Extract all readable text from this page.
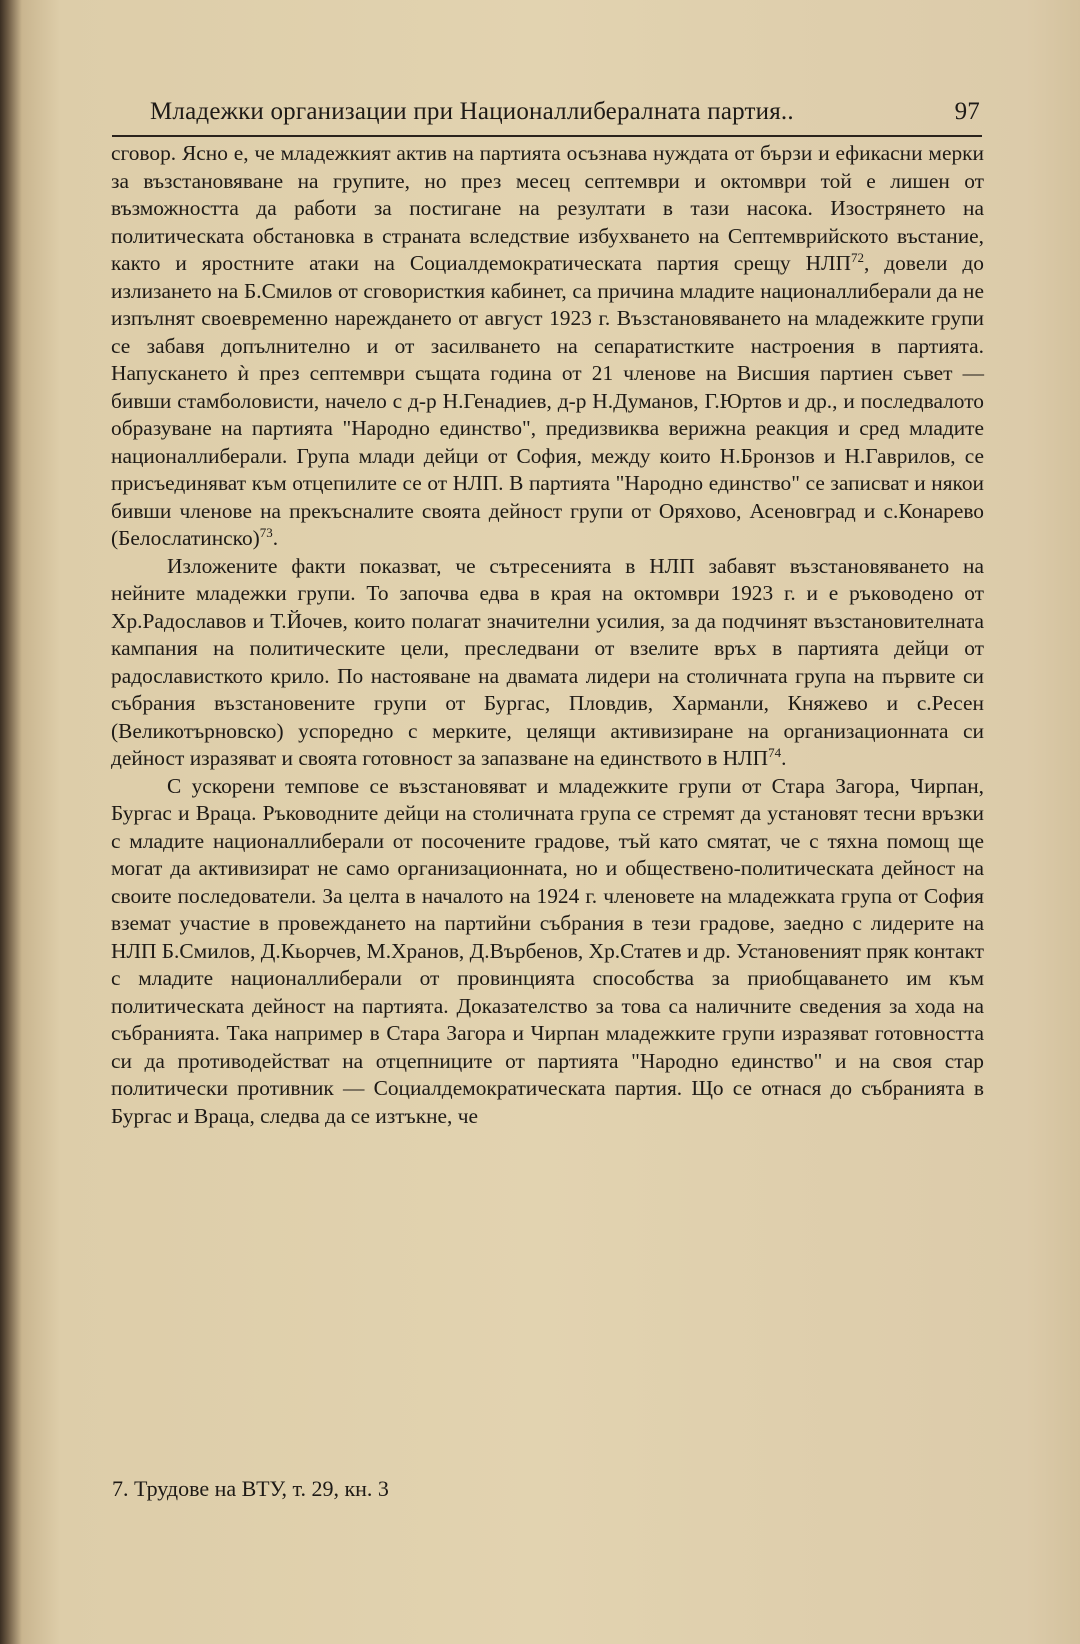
Младежки организации при Националлибералната партия..	97

сговор. Ясно е, че младежкият актив на партията осъзнава нуждата от бързи и ефикасни мерки за възстановяване на групите, но през месец септември и октомври той е лишен от възможността да работи за постигане на резултати в тази насока. Изострянето на политическата обстановка в страната вследствие избухването на Септемврийското въстание, както и яростните атаки на Социалдемократическата партия срещу НЛП$^{72}$, довели до излизането на Б.Смилов от сговористкия кабинет, са причина младите националлиберали да не изпълнят своевременно нареждането от август 1923 г. Възстановяването на младежките групи се забавя допълнително и от засилването на сепаратистките настроения в партията. Напускането ѝ през септември същата година от 21 членове на Висшия партиен съвет — бивши стамболовисти, начело с д-р Н.Генадиев, д-р Н.Думанов, Г.Юртов и др., и последвалото образуване на партията "Народно единство", предизвиква верижна реакция и сред младите националлиберали. Група млади дейци от София, между които Н.Бронзов и Н.Гаврилов, се присъединяват към отцепилите се от НЛП. В партията "Народно единство" се записват и някои бивши членове на прекъсналите своята дейност групи от Оряхово, Асеновград и с.Конарево (Белослатинско)$^{73}$.

Изложените факти показват, че сътресенията в НЛП забавят възстановяването на нейните младежки групи. То започва едва в края на октомври 1923 г. и е ръководено от Хр.Радославов и Т.Йочев, които полагат значителни усилия, за да подчинят възстановителната кампания на политическите цели, преследвани от взелите връх в партията дейци от радослависткото крило. По настояване на двамата лидери на столичната група на първите си събрания възстановените групи от Бургас, Пловдив, Харманли, Княжево и с.Ресен (Великотърновско) успоредно с мерките, целящи активизиране на организационната си дейност изразяват и своята готовност за запазване на единството в НЛП$^{74}$.

С ускорени темпове се възстановяват и младежките групи от Стара Загора, Чирпан, Бургас и Враца. Ръководните дейци на столичната група се стремят да установят тесни връзки с младите националлиберали от посочените градове, тъй като смятат, че с тяхна помощ ще могат да активизират не само организационната, но и обществено-политическата дейност на своите последователи. За целта в началото на 1924 г. членовете на младежката група от София вземат участие в провеждането на партийни събрания в тези градове, заедно с лидерите на НЛП Б.Смилов, Д.Кьорчев, М.Хранов, Д.Върбенов, Хр.Статев и др. Установеният пряк контакт с младите националлиберали от провинцията способства за приобщаването им към политическата дейност на партията. Доказателство за това са наличните сведения за хода на събранията. Така например в Стара Загора и Чирпан младежките групи изразяват готовността си да противодействат на отцепниците от партията "Народно единство" и на своя стар политически противник — Социалдемократическата партия. Що се отнася до събранията в Бургас и Враца, следва да се изтъкне, че

7. Трудове на ВТУ, т. 29, кн. 3
